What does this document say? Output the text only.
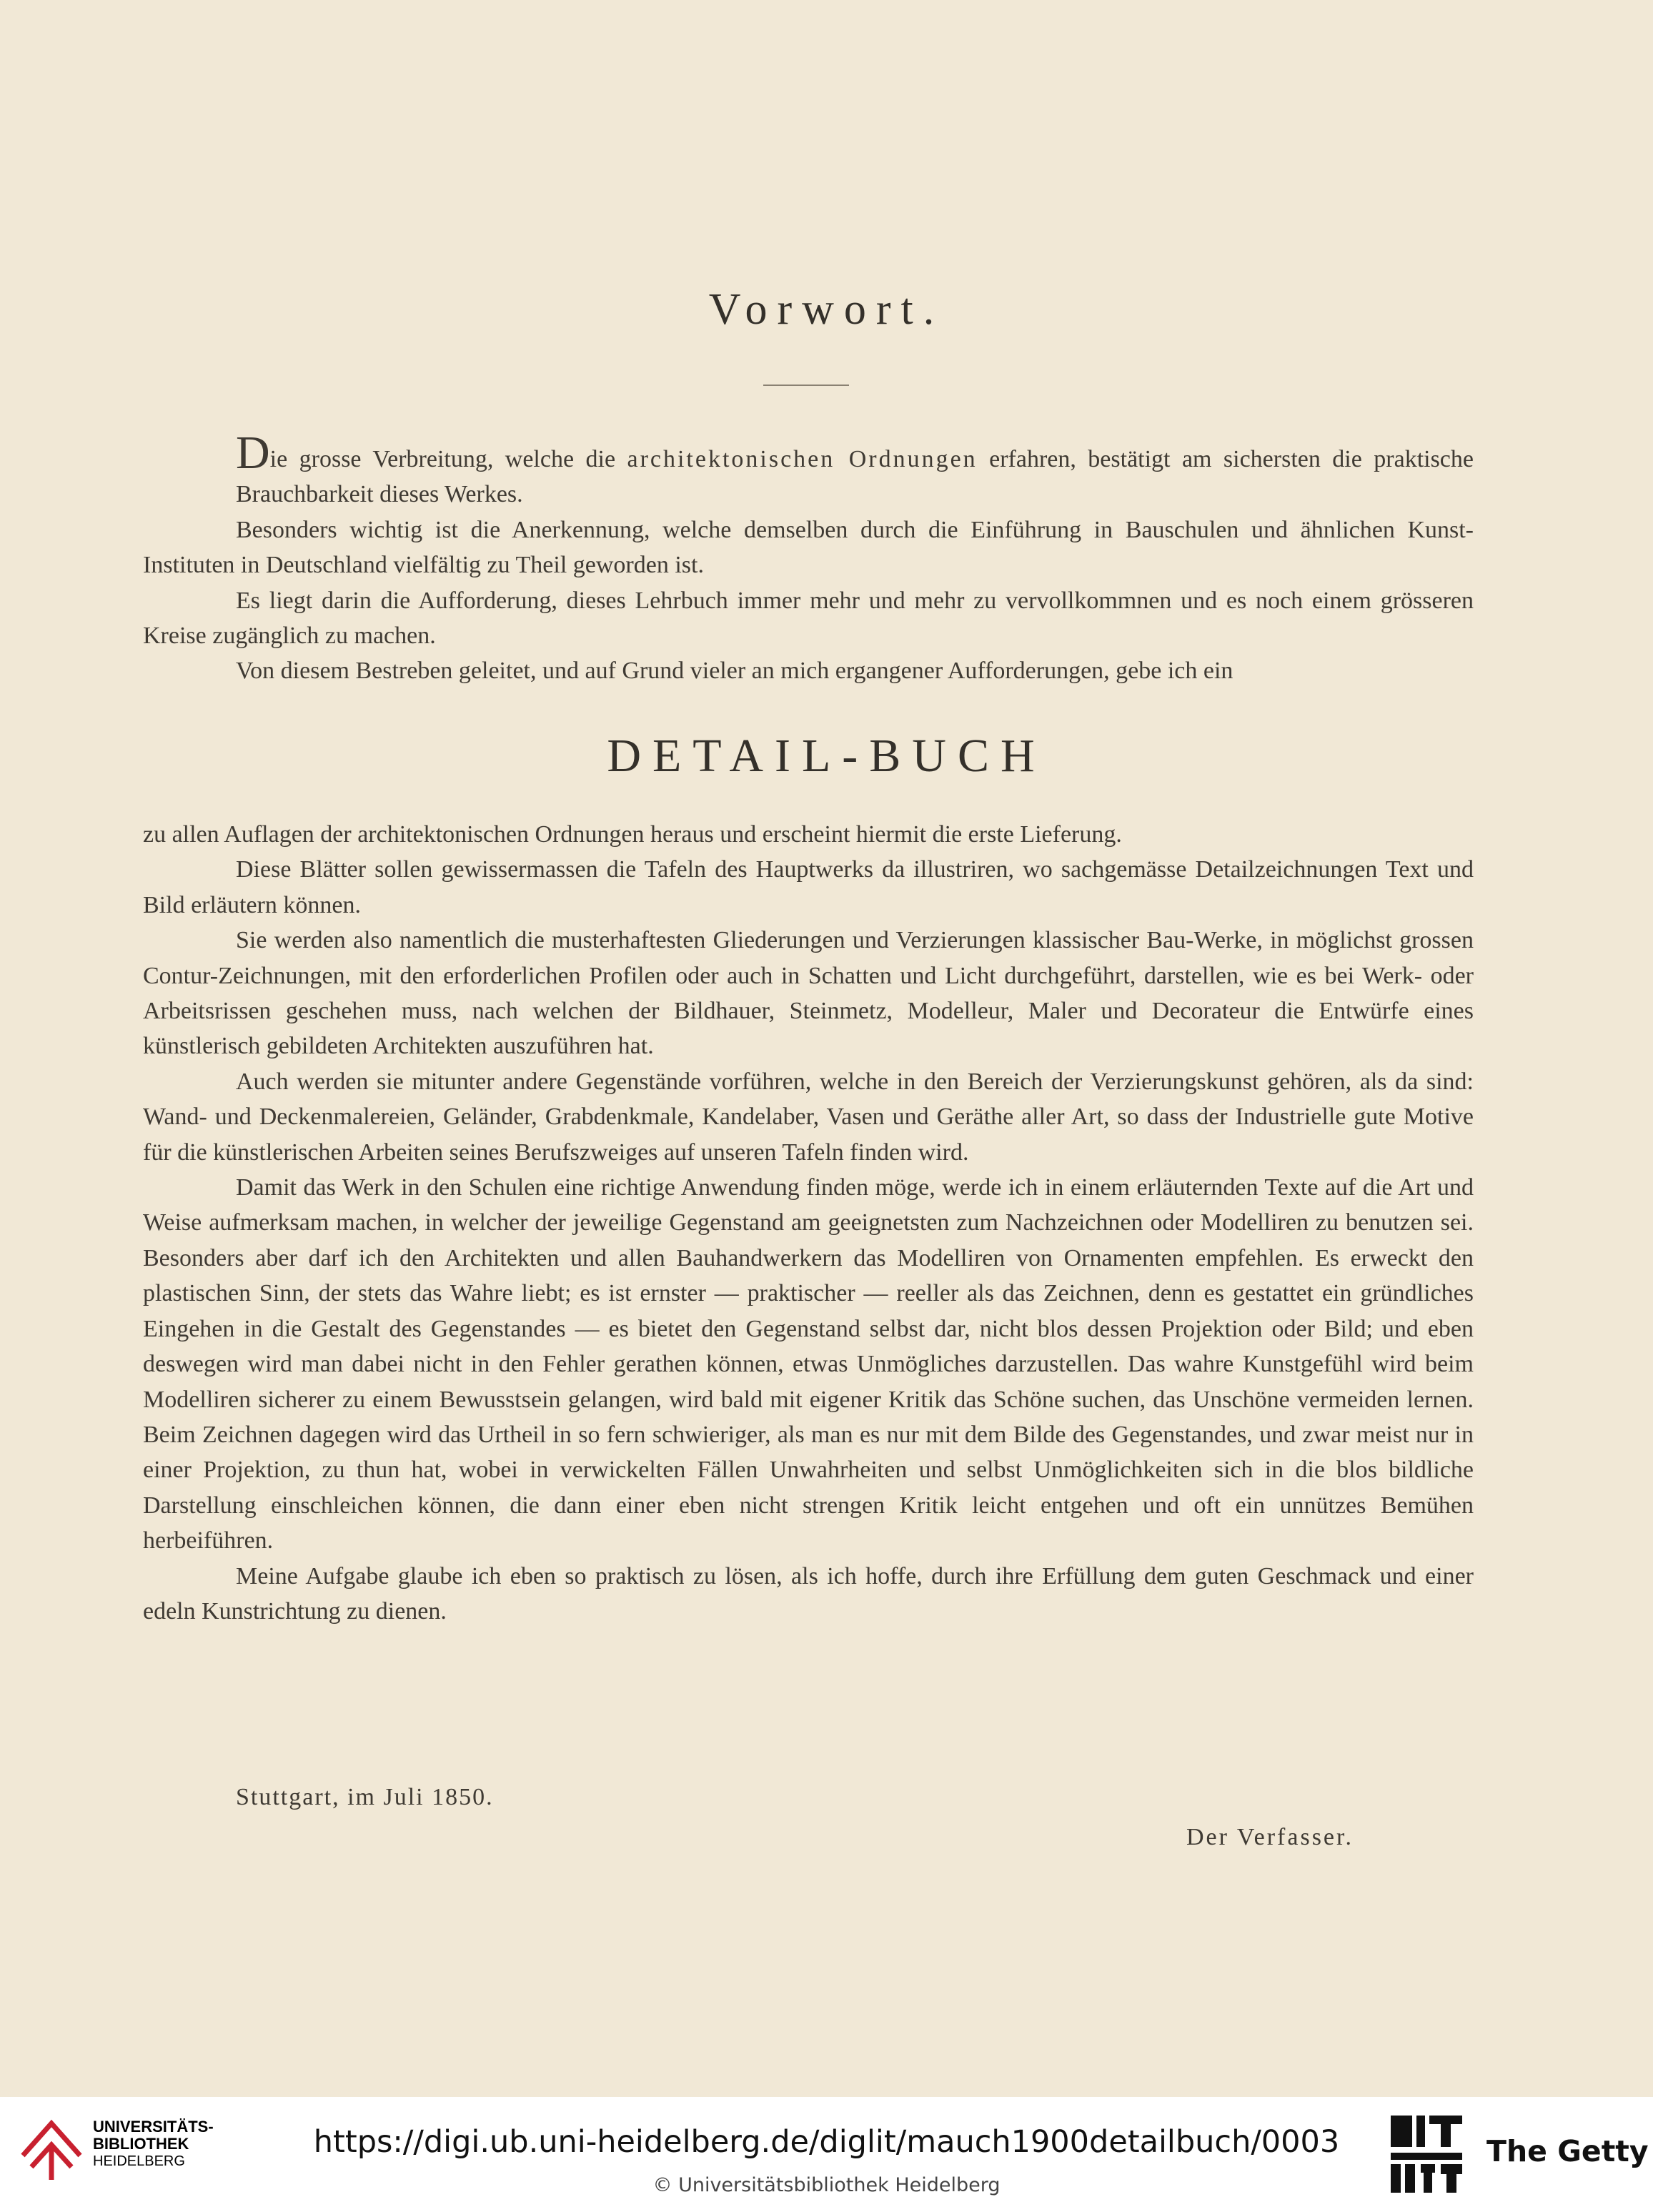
Vorwort.

Die grosse Verbreitung, welche die architektonischen Ordnungen erfahren, bestätigt am sichersten die praktische Brauchbarkeit dieses Werkes.

Besonders wichtig ist die Anerkennung, welche demselben durch die Einführung in Bauschulen und ähnlichen Kunst-Instituten in Deutschland vielfältig zu Theil geworden ist.

Es liegt darin die Aufforderung, dieses Lehrbuch immer mehr und mehr zu vervollkommnen und es noch einem grösseren Kreise zugänglich zu machen.

Von diesem Bestreben geleitet, und auf Grund vieler an mich ergangener Aufforderungen, gebe ich ein

DETAIL-BUCH

zu allen Auflagen der architektonischen Ordnungen heraus und erscheint hiermit die erste Lieferung.

Diese Blätter sollen gewissermassen die Tafeln des Hauptwerks da illustriren, wo sachgemässe Detailzeichnungen Text und Bild erläutern können.

Sie werden also namentlich die musterhaftesten Gliederungen und Verzierungen klassischer Bau-Werke, in möglichst grossen Contur-Zeichnungen, mit den erforderlichen Profilen oder auch in Schatten und Licht durchgeführt, darstellen, wie es bei Werk- oder Arbeitsrissen geschehen muss, nach welchen der Bildhauer, Steinmetz, Modelleur, Maler und Decorateur die Entwürfe eines künstlerisch gebildeten Architekten auszuführen hat.

Auch werden sie mitunter andere Gegenstände vorführen, welche in den Bereich der Verzierungskunst gehören, als da sind: Wand- und Deckenmalereien, Geländer, Grabdenkmale, Kandelaber, Vasen und Geräthe aller Art, so dass der Industrielle gute Motive für die künstlerischen Arbeiten seines Berufszweiges auf unseren Tafeln finden wird.

Damit das Werk in den Schulen eine richtige Anwendung finden möge, werde ich in einem erläuternden Texte auf die Art und Weise aufmerksam machen, in welcher der jeweilige Gegenstand am geeignetsten zum Nachzeichnen oder Modelliren zu benutzen sei. Besonders aber darf ich den Architekten und allen Bauhandwerkern das Modelliren von Ornamenten empfehlen. Es erweckt den plastischen Sinn, der stets das Wahre liebt; es ist ernster — praktischer — reeller als das Zeichnen, denn es gestattet ein gründliches Eingehen in die Gestalt des Gegenstandes — es bietet den Gegenstand selbst dar, nicht blos dessen Projektion oder Bild; und eben deswegen wird man dabei nicht in den Fehler gerathen können, etwas Unmögliches darzustellen. Das wahre Kunstgefühl wird beim Modelliren sicherer zu einem Bewusstsein gelangen, wird bald mit eigener Kritik das Schöne suchen, das Unschöne vermeiden lernen. Beim Zeichnen dagegen wird das Urtheil in so fern schwieriger, als man es nur mit dem Bilde des Gegenstandes, und zwar meist nur in einer Projektion, zu thun hat, wobei in verwickelten Fällen Unwahrheiten und selbst Unmöglichkeiten sich in die blos bildliche Darstellung einschleichen können, die dann einer eben nicht strengen Kritik leicht entgehen und oft ein unnützes Bemühen herbeiführen.

Meine Aufgabe glaube ich eben so praktisch zu lösen, als ich hoffe, durch ihre Erfüllung dem guten Geschmack und einer edeln Kunstrichtung zu dienen.

Stuttgart, im Juli 1850.
Der Verfasser.
UNIVERSITÄTS-
BIBLIOTHEK
HEIDELBERG
https://digi.ub.uni-heidelberg.de/diglit/mauch1900detailbuch/0003
© Universitätsbibliothek Heidelberg
The Getty
